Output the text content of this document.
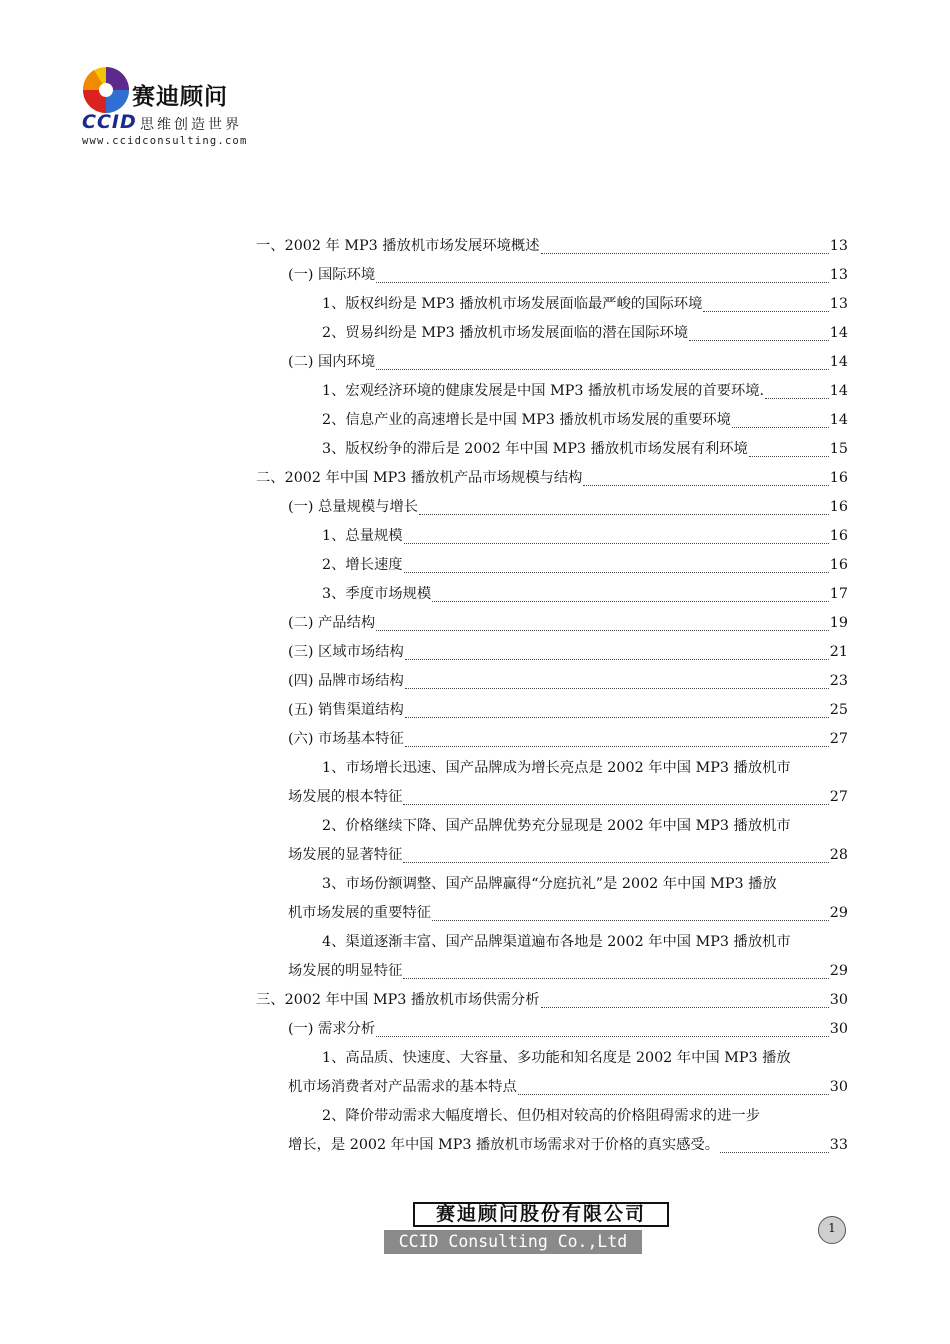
赛迪顾问
CCID 思维创造世界
www.ccidconsulting.com
一、2002 年 MP3 播放机市场发展环境概述	13
(一) 国际环境	13
1、版权纠纷是 MP3 播放机市场发展面临最严峻的国际环境	13
2、贸易纠纷是 MP3 播放机市场发展面临的潜在国际环境	14
(二) 国内环境	14
1、宏观经济环境的健康发展是中国 MP3 播放机市场发展的首要环境.	14
2、信息产业的高速增长是中国 MP3 播放机市场发展的重要环境	14
3、版权纷争的滞后是 2002 年中国 MP3 播放机市场发展有利环境	15
二、2002 年中国 MP3 播放机产品市场规模与结构	16
(一) 总量规模与增长	16
1、总量规模	16
2、增长速度	16
3、季度市场规模	17
(二) 产品结构	19
(三) 区域市场结构	21
(四) 品牌市场结构	23
(五) 销售渠道结构	25
(六) 市场基本特征	27
1、市场增长迅速、国产品牌成为增长亮点是 2002 年中国 MP3 播放机市
场发展的根本特征	27
2、价格继续下降、国产品牌优势充分显现是 2002 年中国 MP3 播放机市
场发展的显著特征	28
3、市场份额调整、国产品牌赢得“分庭抗礼”是 2002 年中国 MP3 播放
机市场发展的重要特征	29
4、渠道逐渐丰富、国产品牌渠道遍布各地是 2002 年中国 MP3 播放机市
场发展的明显特征	29
三、2002 年中国 MP3 播放机市场供需分析	30
(一) 需求分析	30
1、高品质、快速度、大容量、多功能和知名度是 2002 年中国 MP3 播放
机市场消费者对产品需求的基本特点	30
2、降价带动需求大幅度增长、但仍相对较高的价格阻碍需求的进一步
增长，是 2002 年中国 MP3 播放机市场需求对于价格的真实感受。	33
赛迪顾问股份有限公司
CCID Consulting Co.,Ltd
1
